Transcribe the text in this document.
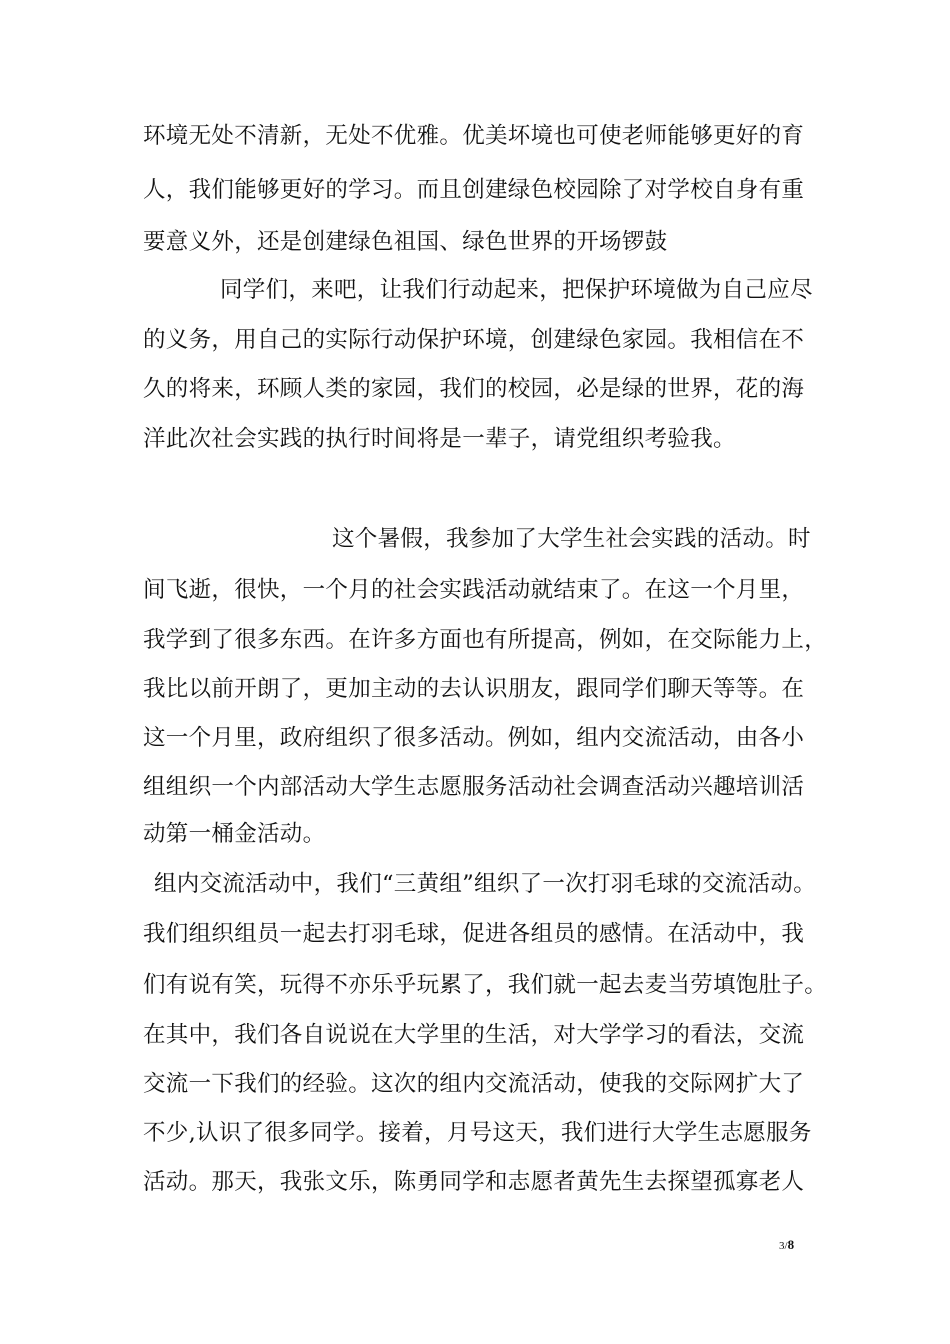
环境无处不清新，无处不优雅。优美坏境也可使老师能够更好的育
人，我们能够更好的学习。而且创建绿色校园除了对学校自身有重
要意义外，还是创建绿色祖国、绿色世界的开场锣鼓
同学们，来吧，让我们行动起来，把保护环境做为自己应尽
的义务，用自己的实际行动保护环境，创建绿色家园。我相信在不
久的将来，环顾人类的家园，我们的校园，必是绿的世界，花的海
洋此次社会实践的执行时间将是一辈子，请党组织考验我。
这个暑假，我参加了大学生社会实践的活动。时
间飞逝，很快，一个月的社会实践活动就结束了。在这一个月里，
我学到了很多东西。在许多方面也有所提高，例如，在交际能力上，
我比以前开朗了，更加主动的去认识朋友，跟同学们聊天等等。在
这一个月里，政府组织了很多活动。例如，组内交流活动，由各小
组组织一个内部活动大学生志愿服务活动社会调查活动兴趣培训活
动第一桶金活动。
组内交流活动中，我们“三黄组”组织了一次打羽毛球的交流活动。
我们组织组员一起去打羽毛球，促进各组员的感情。在活动中，我
们有说有笑，玩得不亦乐乎玩累了，我们就一起去麦当劳填饱肚子。
在其中，我们各自说说在大学里的生活，对大学学习的看法，交流
交流一下我们的经验。这次的组内交流活动，使我的交际网扩大了
不少,认识了很多同学。接着，月号这天，我们进行大学生志愿服务
活动。那天，我张文乐，陈勇同学和志愿者黄先生去探望孤寡老人
3/8
